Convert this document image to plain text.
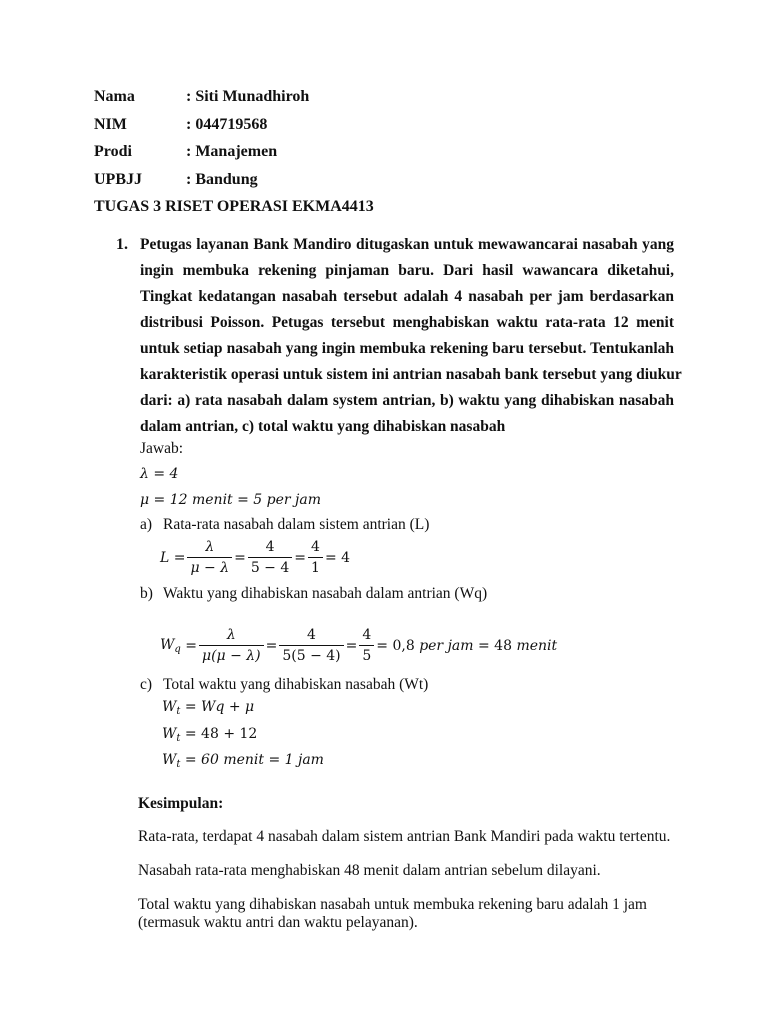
Nama	: Siti Munadhiroh
NIM	: 044719568
Prodi	: Manajemen
UPBJJ	: Bandung
TUGAS 3 RISET OPERASI EKMA4413
1. Petugas layanan Bank Mandiro ditugaskan untuk mewawancarai nasabah yang
ingin membuka rekening pinjaman baru. Dari hasil wawancara diketahui,
Tingkat kedatangan nasabah tersebut adalah 4 nasabah per jam berdasarkan
distribusi Poisson. Petugas tersebut menghabiskan waktu rata-rata 12 menit
untuk setiap nasabah yang ingin membuka rekening baru tersebut. Tentukanlah
karakteristik operasi untuk sistem ini antrian nasabah bank tersebut yang diukur
dari: a) rata nasabah dalam system antrian, b) waktu yang dihabiskan nasabah
dalam antrian, c) total waktu yang dihabiskan nasabah
Jawab:
λ = 4
μ = 12 menit = 5 per jam
a) Rata-rata nasabah dalam sistem antrian (L)
$L = \frac{\lambda}{\mu - \lambda} = \frac{4}{5 - 4} = \frac{4}{1} = 4$
b) Waktu yang dihabiskan nasabah dalam antrian (Wq)
$W_q = \frac{\lambda}{\mu(\mu - \lambda)} = \frac{4}{5(5 - 4)} = \frac{4}{5} = 0,8$ per jam = 48 menit
c) Total waktu yang dihabiskan nasabah (Wt)
$W_t = Wq + \mu$
$W_t = 48 + 12$
$W_t = 60$ menit = 1 jam
Kesimpulan:
Rata-rata, terdapat 4 nasabah dalam sistem antrian Bank Mandiri pada waktu tertentu.
Nasabah rata-rata menghabiskan 48 menit dalam antrian sebelum dilayani.
Total waktu yang dihabiskan nasabah untuk membuka rekening baru adalah 1 jam
(termasuk waktu antri dan waktu pelayanan).
